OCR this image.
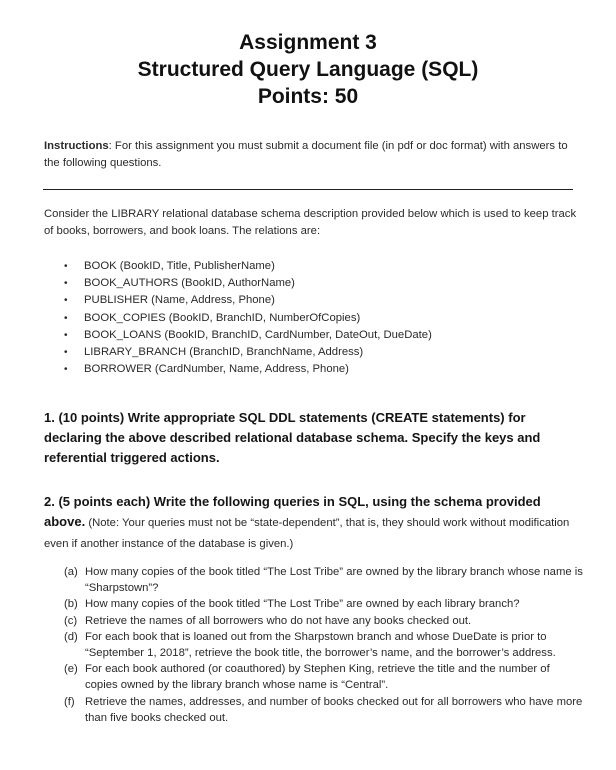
Assignment 3
Structured Query Language (SQL)
Points: 50
Instructions: For this assignment you must submit a document file (in pdf or doc format) with answers to the following questions.
Consider the LIBRARY relational database schema description provided below which is used to keep track of books, borrowers, and book loans. The relations are:
• BOOK (BookID, Title, PublisherName)
• BOOK_AUTHORS (BookID, AuthorName)
• PUBLISHER (Name, Address, Phone)
• BOOK_COPIES (BookID, BranchID, NumberOfCopies)
• BOOK_LOANS (BookID, BranchID, CardNumber, DateOut, DueDate)
• LIBRARY_BRANCH (BranchID, BranchName, Address)
• BORROWER (CardNumber, Name, Address, Phone)
1. (10 points) Write appropriate SQL DDL statements (CREATE statements) for declaring the above described relational database schema. Specify the keys and referential triggered actions.
2. (5 points each) Write the following queries in SQL, using the schema provided above. (Note: Your queries must not be “state-dependent”, that is, they should work without modification even if another instance of the database is given.)
(a) How many copies of the book titled “The Lost Tribe” are owned by the library branch whose name is “Sharpstown”?
(b) How many copies of the book titled “The Lost Tribe” are owned by each library branch?
(c) Retrieve the names of all borrowers who do not have any books checked out.
(d) For each book that is loaned out from the Sharpstown branch and whose DueDate is prior to “September 1, 2018”, retrieve the book title, the borrower’s name, and the borrower’s address.
(e) For each book authored (or coauthored) by Stephen King, retrieve the title and the number of copies owned by the library branch whose name is “Central”.
(f) Retrieve the names, addresses, and number of books checked out for all borrowers who have more than five books checked out.
